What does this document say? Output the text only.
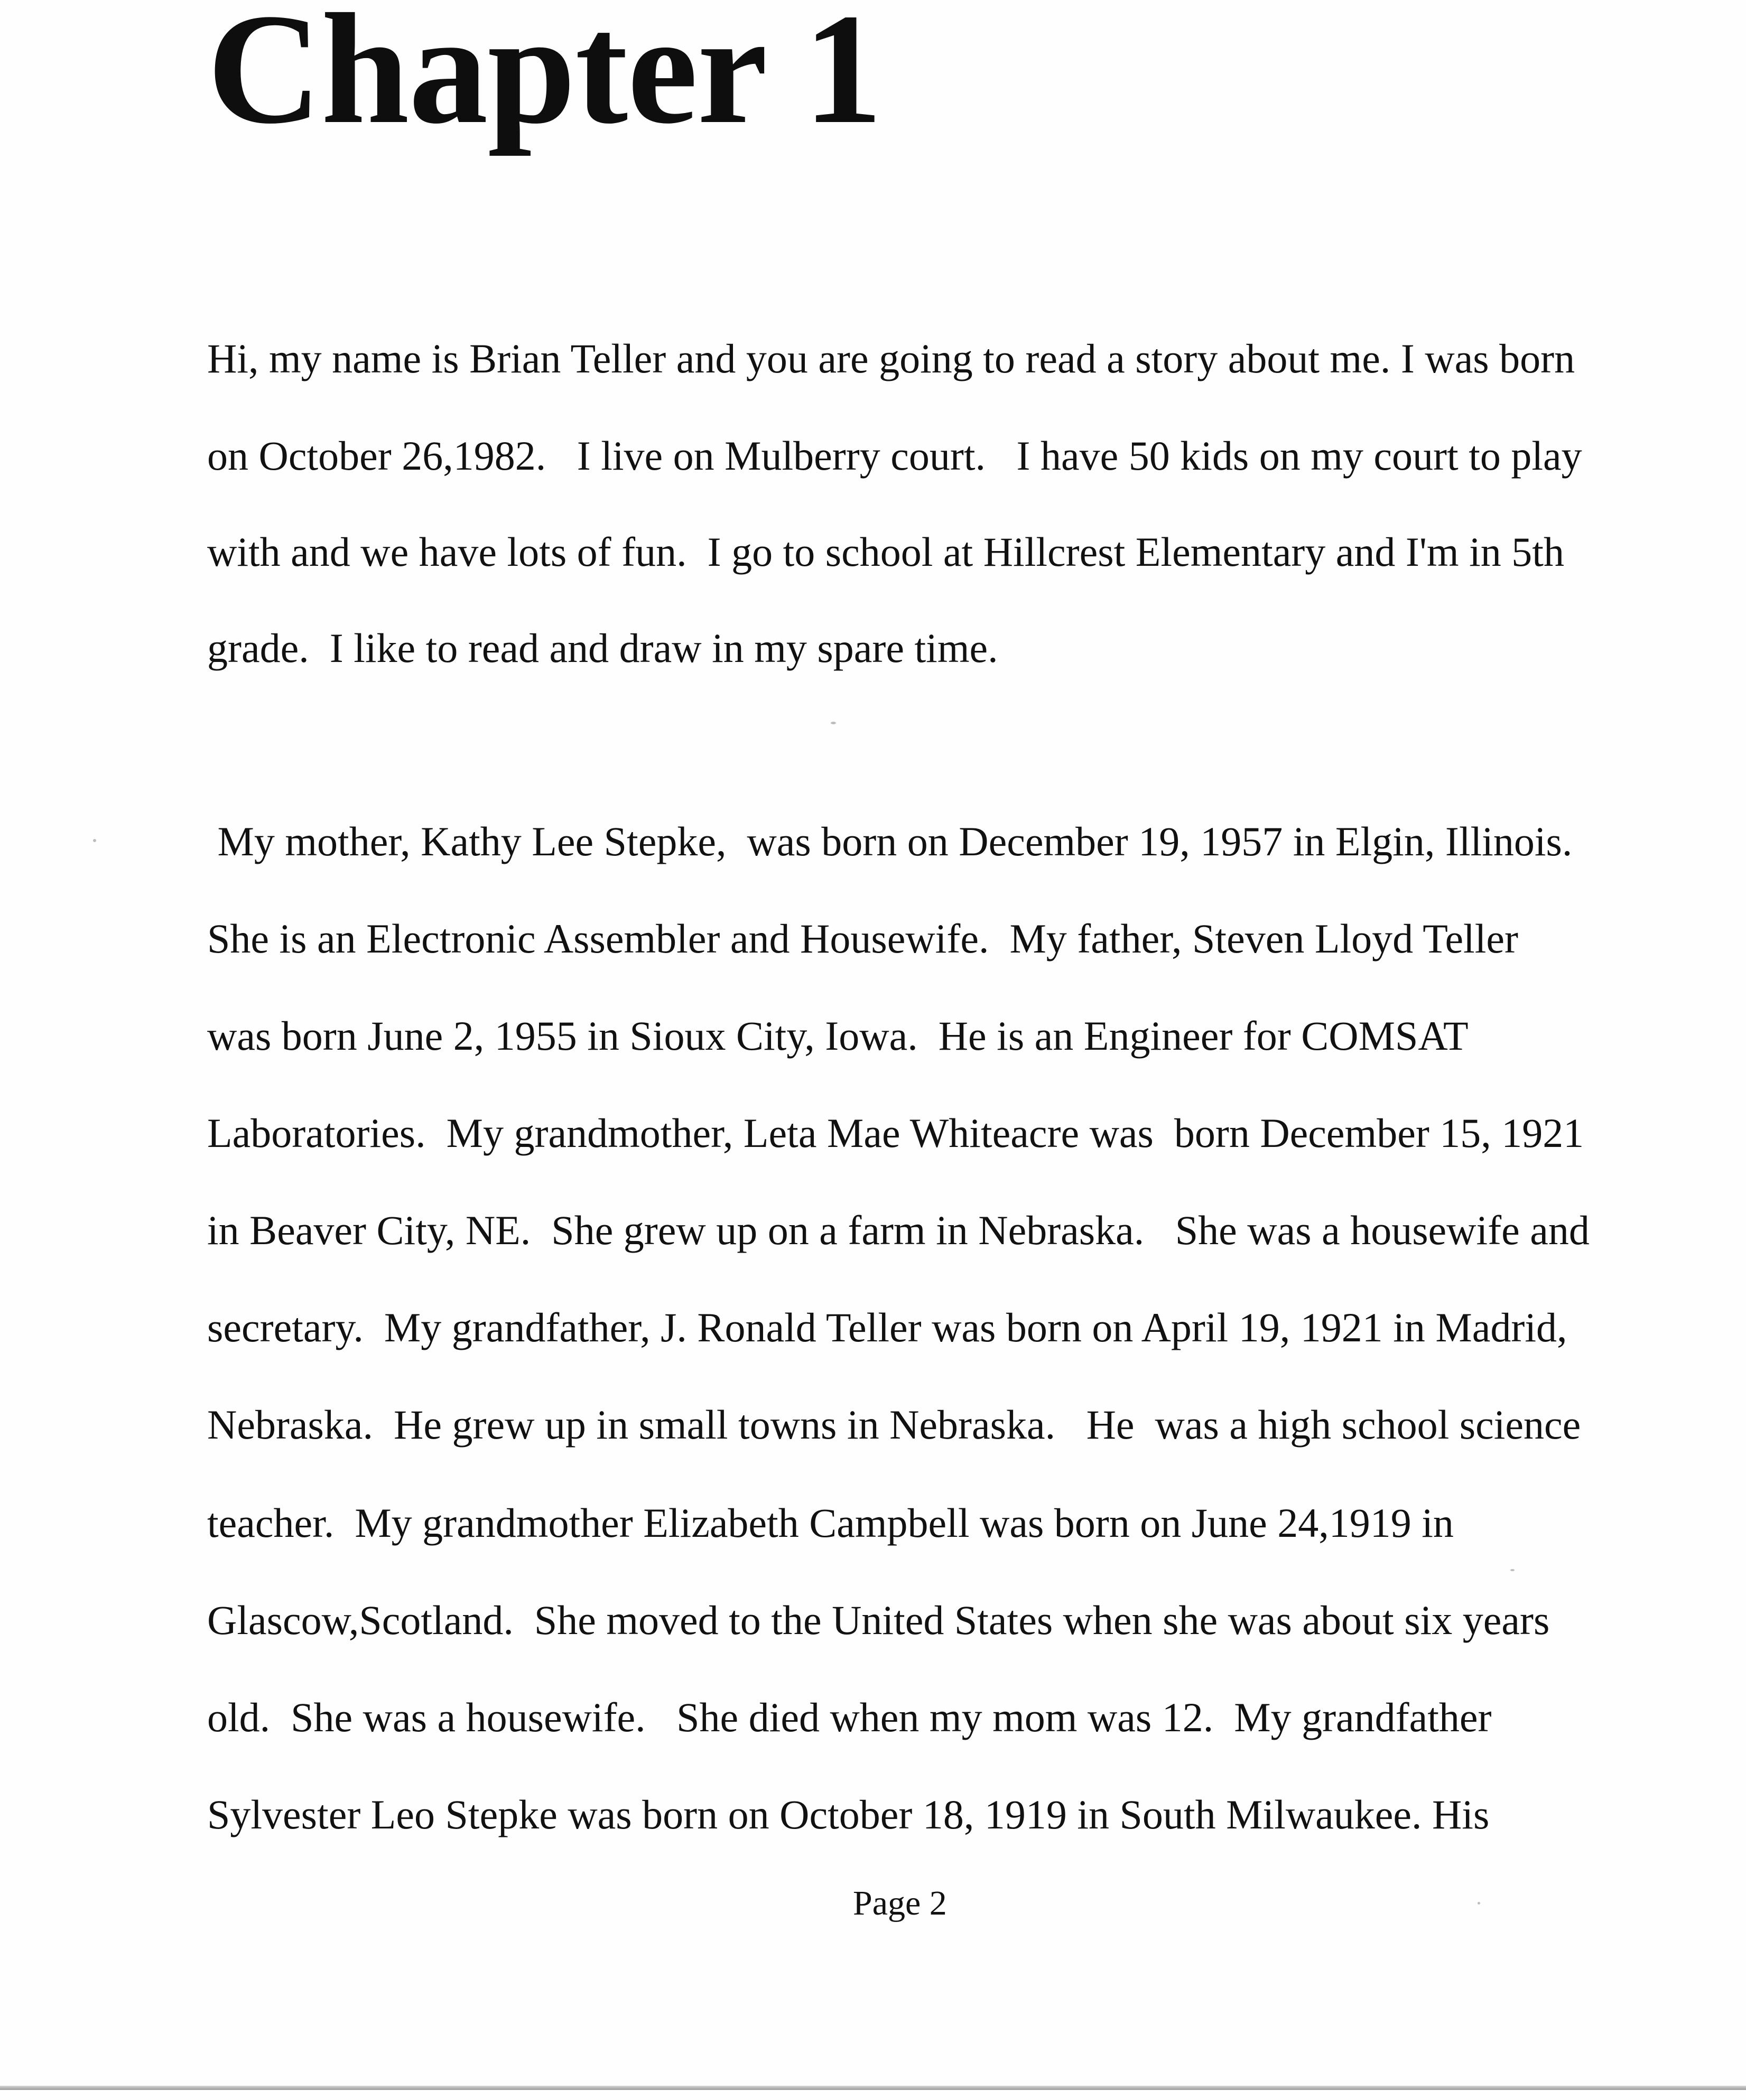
Chapter 1
Hi, my name is Brian Teller and you are going to read a story about me. I was born
on October 26,1982.   I live on Mulberry court.   I have 50 kids on my court to play
with and we have lots of fun.  I go to school at Hillcrest Elementary and I'm in 5th
grade.  I like to read and draw in my spare time.
My mother, Kathy Lee Stepke,  was born on December 19, 1957 in Elgin, Illinois.
She is an Electronic Assembler and Housewife.  My father, Steven Lloyd Teller
was born June 2, 1955 in Sioux City, Iowa.  He is an Engineer for COMSAT
Laboratories.  My grandmother, Leta Mae Whiteacre was  born December 15, 1921
in Beaver City, NE.  She grew up on a farm in Nebraska.   She was a housewife and
secretary.  My grandfather, J. Ronald Teller was born on April 19, 1921 in Madrid,
Nebraska.  He grew up in small towns in Nebraska.   He  was a high school science
teacher.  My grandmother Elizabeth Campbell was born on June 24,1919 in
Glascow,Scotland.  She moved to the United States when she was about six years
old.  She was a housewife.   She died when my mom was 12.  My grandfather
Sylvester Leo Stepke was born on October 18, 1919 in South Milwaukee. His
Page 2
